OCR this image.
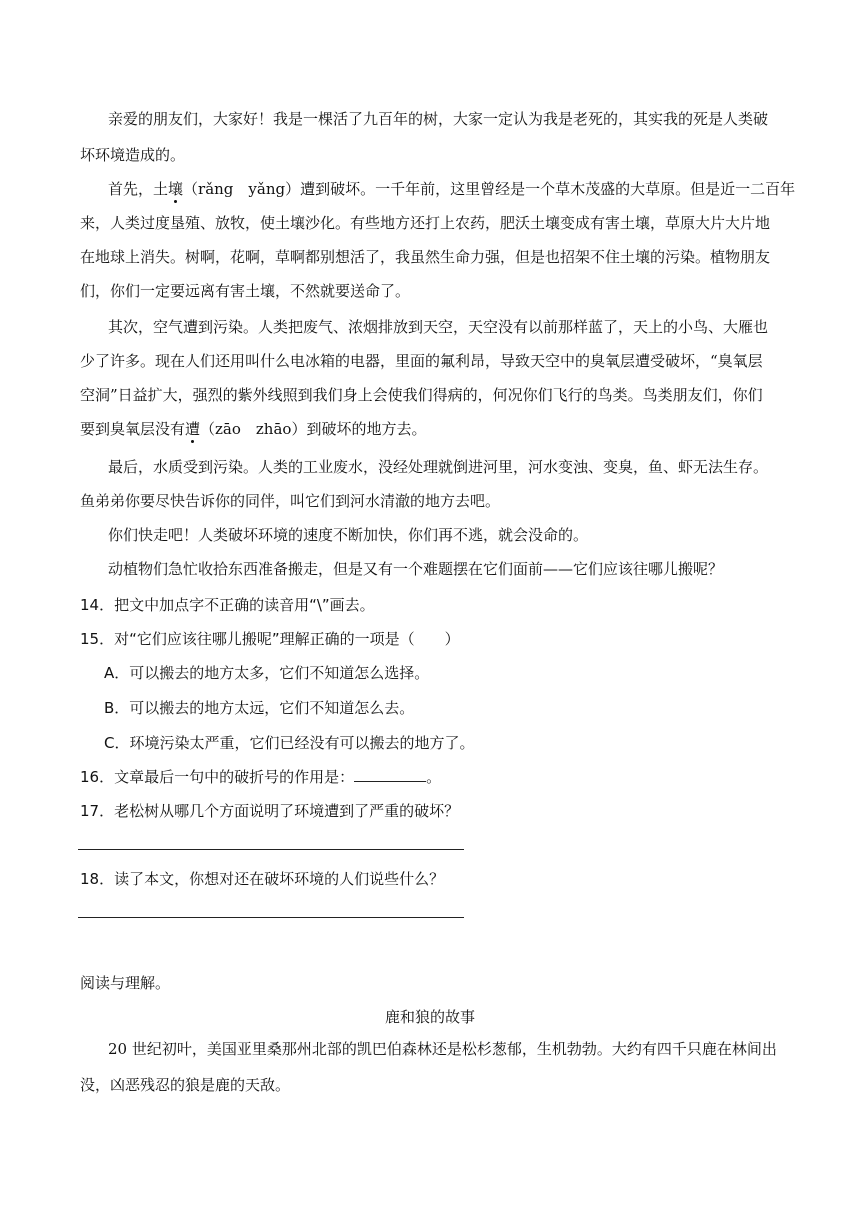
亲爱的朋友们，大家好！我是一棵活了九百年的树，大家一定认为我是老死的，其实我的死是人类破
坏环境造成的。
首先，土壤（rǎng　yǎng）遭到破坏。一千年前，这里曾经是一个草木茂盛的大草原。但是近一二百年
来，人类过度垦殖、放牧，使土壤沙化。有些地方还打上农药，肥沃土壤变成有害土壤，草原大片大片地
在地球上消失。树啊，花啊，草啊都别想活了，我虽然生命力强，但是也招架不住土壤的污染。植物朋友
们，你们一定要远离有害土壤，不然就要送命了。
其次，空气遭到污染。人类把废气、浓烟排放到天空，天空没有以前那样蓝了，天上的小鸟、大雁也
少了许多。现在人们还用叫什么电冰箱的电器，里面的氟利昂，导致天空中的臭氧层遭受破坏，“臭氧层
空洞”日益扩大，强烈的紫外线照到我们身上会使我们得病的，何况你们飞行的鸟类。鸟类朋友们，你们
要到臭氧层没有遭（zāo　zhāo）到破坏的地方去。
最后，水质受到污染。人类的工业废水，没经处理就倒进河里，河水变浊、变臭，鱼、虾无法生存。
鱼弟弟你要尽快告诉你的同伴，叫它们到河水清澈的地方去吧。
你们快走吧！人类破坏环境的速度不断加快，你们再不逃，就会没命的。
动植物们急忙收拾东西准备搬走，但是又有一个难题摆在它们面前——它们应该往哪儿搬呢？
14．把文中加点字不正确的读音用“\”画去。
15．对“它们应该往哪儿搬呢”理解正确的一项是（　　）
A．可以搬去的地方太多，它们不知道怎么选择。
B．可以搬去的地方太远，它们不知道怎么去。
C．环境污染太严重，它们已经没有可以搬去的地方了。
16．文章最后一句中的破折号的作用是：	。
17．老松树从哪几个方面说明了环境遭到了严重的破坏？
18．读了本文，你想对还在破坏环境的人们说些什么？
阅读与理解。
鹿和狼的故事
20 世纪初叶，美国亚里桑那州北部的凯巴伯森林还是松杉葱郁，生机勃勃。大约有四千只鹿在林间出
没，凶恶残忍的狼是鹿的天敌。
